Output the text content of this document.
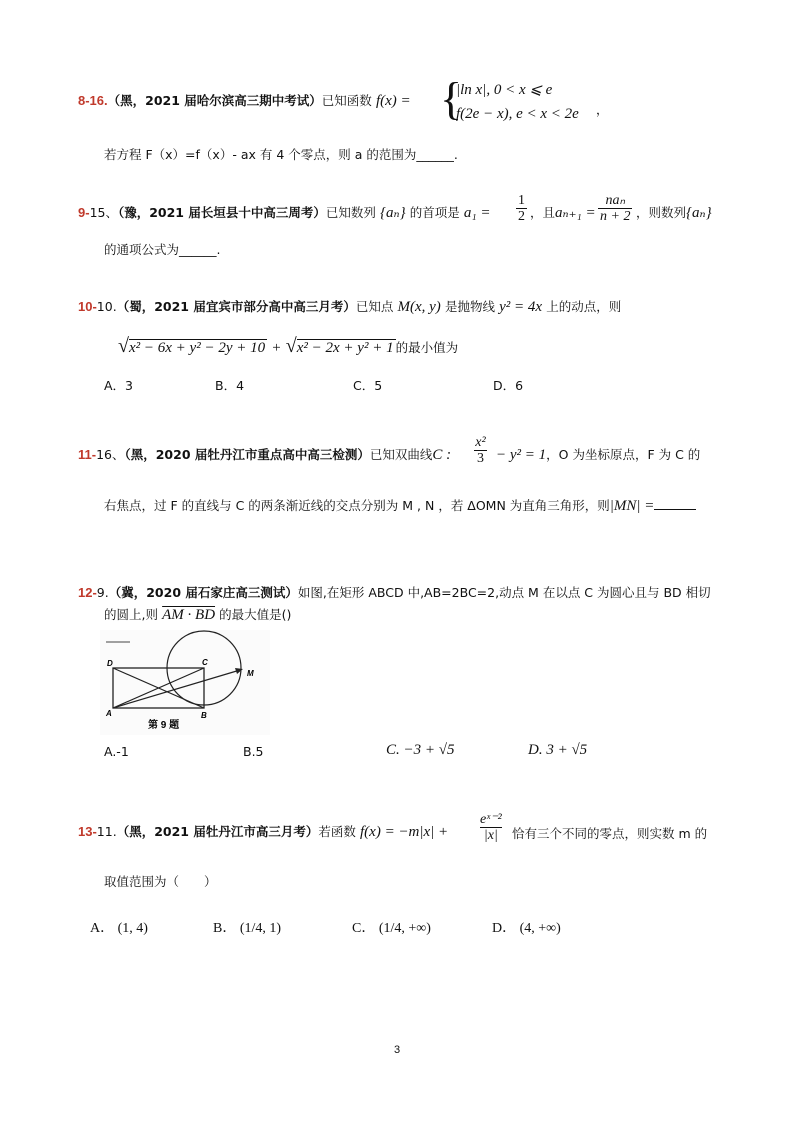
8-16.（黑，2021 届哈尔滨高三期中考试）已知函数 f(x) = {
|ln x|, 0 < x ⩽ e
f(2e − x), e < x < 2e ，
若方程 F（x）=f（x）- ax 有 4 个零点，则 a 的范围为______.
9-15、（豫，2021 届长垣县十中高三周考）已知数列 {aₙ} 的首项是 $a_1 = \frac{1}{2}$ ，且aₙ₊₁ =
naₙ
n + 2 ，则数列{aₙ}
的通项公式为______.
10-10.（蜀，2021 届宜宾市部分高中高三月考）已知点 M(x, y) 是抛物线 y² = 4x 上的动点，则
√x² − 6x + y² − 2y + 10 + √x² − 2x + y² + 1 的最小值为
A．3	B．4	C．5	D．6
11-16、（黑，2020 届牡丹江市重点高中高三检测）已知双曲线C : $\frac{\text{x²}}{3} - y^2 = 1$，O 为坐标原点，F 为 C 的
右焦点，过 F 的直线与 C 的两条渐近线的交点分别为 M , N ，若 ΔOMN 为直角三角形，则|MN| =
12-9.（冀，2020 届石家庄高三测试）如图,在矩形 ABCD 中,AB=2BC=2,动点 M 在以点 C 为圆心且与 BD 相切
的圆上,则 AM · BD 的最大值是()
D	C
A	B
M
第 9 题
A.-1	B.5	C. −3 + √5	D. 3 + √5
13-11.（黑，2021 届牡丹江市高三月考）若函数 $f(x) = -m|x| + \frac{\text{eˣ⁻²}}{|x|}$ 恰有三个不同的零点，则实数 m 的
取值范围为（　　）
A． (1, 4)	B． (1/4, 1)	C． (1/4, +∞)	D． (4, +∞)
3
